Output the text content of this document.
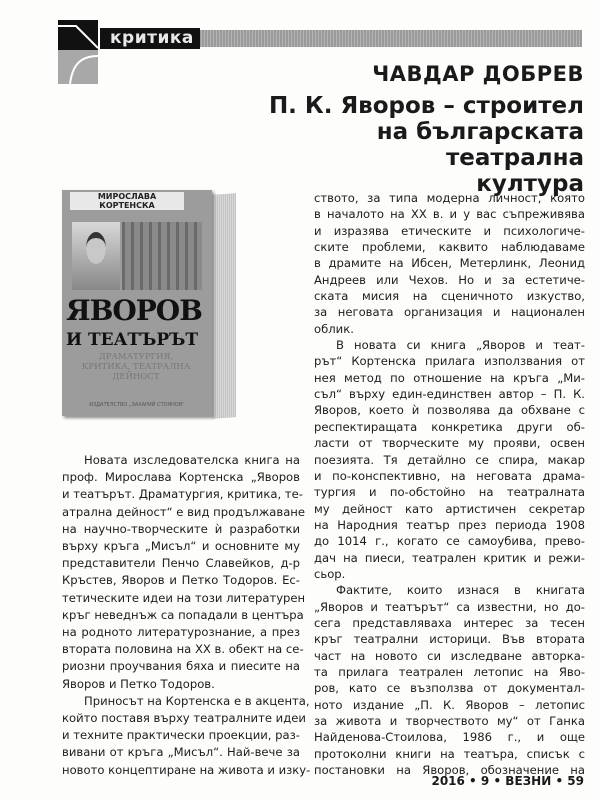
критика
ЧАВДАР ДОБРЕВ
П. К. Яворов – строител
на българската театрална
култура
МИРОСЛАВА КОРТЕНСКА
ЯВОРОВ
И ТЕАТЪРЪТ
ДРАМАТУРГИЯ, КРИТИКА, ТЕАТРАЛНА ДЕЙНОСТ
ИЗДАТЕЛСТВО „ЗАХАРИЙ СТОЯНОВ“
Новата изследователска книга на
проф. Мирослава Кортенска „Яворов
и театърът. Драматургия, критика, те-
атрална дейност“ е вид продължаване
на научно-творческите ѝ разработки
върху кръга „Мисъл“ и основните му
представители Пенчо Славейков, д-р
Кръстев, Яворов и Петко Тодоров. Ес-
тетическите идеи на този литературен
кръг неведнъж са попадали в центъра
на родното литературознание, а през
втората половина на XX в. обект на се-
риозни проучвания бяха и пиесите на
Яворов и Петко Тодоров.
Приносът на Кортенска е в акцента,
който поставя върху театралните идеи
и техните практически проекции, раз-
вивани от кръга „Мисъл“. Най-вече за
новото концептиране на живота и изку-
ството, за типа модерна личност, която
в началото на XX в. и у вас съпреживява
и изразява етическите и психологиче-
ските проблеми, каквито наблюдаваме
в драмите на Ибсен, Метерлинк, Леонид
Андреев или Чехов. Но и за естетиче-
ската мисия на сценичното изкуство,
за неговата организация и национален
облик.
В новата си книга „Яворов и теат-
рът“ Кортенска прилага използвания от
нея метод по отношение на кръга „Ми-
съл“ върху един-единствен автор – П. К.
Яворов, което ѝ позволява да обхване с
респектиращата конкретика други об-
ласти от творческите му прояви, освен
поезията. Тя детайлно се спира, макар
и по-конспективно, на неговата драма-
тургия и по-обстойно на театралната
му дейност като артистичен секретар
на Народния театър през периода 1908
до 1014 г., когато се самоубива, прево-
дач на пиеси, театрален критик и режи-
сьор.
Фактите, които изнася в книгата
„Яворов и театърът“ са известни, но до-
сега представляваха интерес за тесен
кръг театрални историци. Във втората
част на новото си изследване авторка-
та прилага театрален летопис на Яво-
ров, като се възползва от документал-
ното издание „П. К. Яворов – летопис
за живота и творчеството му“ от Ганка
Найденова-Стоилова, 1986 г., и още
протоколни книги на театъра, списък с
постановки на Яворов, обозначение на
2016 • 9 • ВЕЗНИ • 59
